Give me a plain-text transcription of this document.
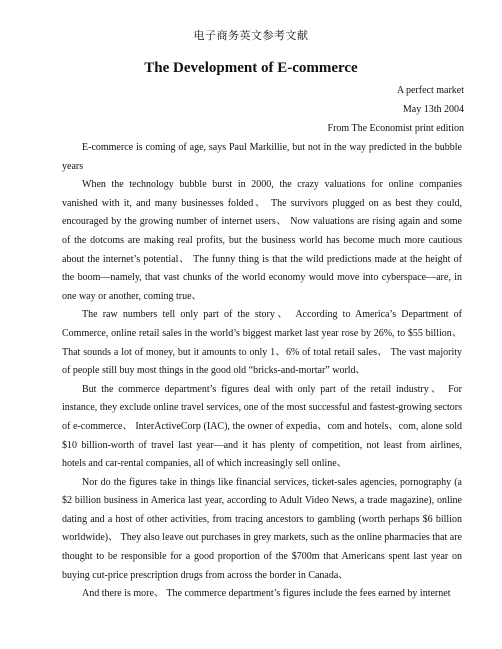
电子商务英文参考文献
The Development of E-commerce
A perfect market
May 13th 2004
From The Economist print edition

E-commerce is coming of age, says Paul Markillie, but not in the way predicted in the bubble years

When the technology bubble burst in 2000, the crazy valuations for online companies vanished with it, and many businesses folded、 The survivors plugged on as best they could, encouraged by the growing number of internet users、 Now valuations are rising again and some of the dotcoms are making real profits, but the business world has become much more cautious about the internet’s potential、 The funny thing is that the wild predictions made at the height of the boom—namely, that vast chunks of the world economy would move into cyberspace—are, in one way or another, coming true、

The raw numbers tell only part of the story、 According to America’s Department of Commerce, online retail sales in the world’s biggest market last year rose by 26%, to $55 billion、 That sounds a lot of money, but it amounts to only 1、6% of total retail sales、 The vast majority of people still buy most things in the good old “bricks-and-mortar” world、

But the commerce department’s figures deal with only part of the retail industry、 For instance, they exclude online travel services, one of the most successful and fastest-growing sectors of e-commerce、 InterActiveCorp (IAC), the owner of expedia、com and hotels、com, alone sold $10 billion-worth of travel last year—and it has plenty of competition, not least from airlines, hotels and car-rental companies, all of which increasingly sell online、

Nor do the figures take in things like financial services, ticket-sales agencies, pornography (a $2 billion business in America last year, according to Adult Video News, a trade magazine), online dating and a host of other activities, from tracing ancestors to gambling (worth perhaps $6 billion worldwide)、 They also leave out purchases in grey markets, such as the online pharmacies that are thought to be responsible for a good proportion of the $700m that Americans spent last year on buying cut-price prescription drugs from across the border in Canada、

And there is more、 The commerce department’s figures include the fees earned by internet
